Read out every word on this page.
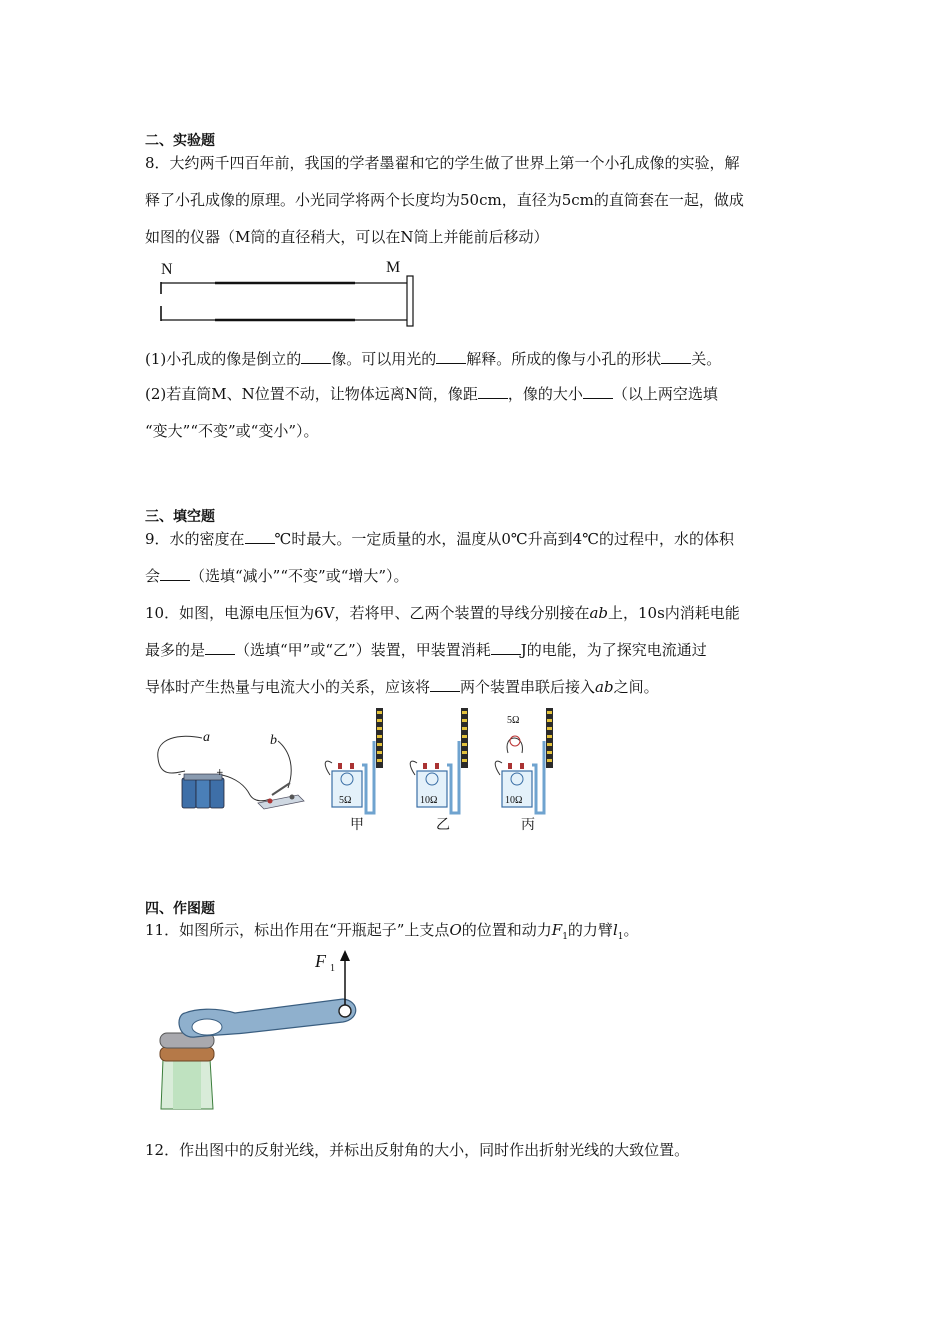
二、实验题
8．大约两千四百年前，我国的学者墨翟和它的学生做了世界上第一个小孔成像的实验，解
释了小孔成像的原理。小光同学将两个长度均为50cm，直径为5cm的直筒套在一起，做成
如图的仪器（M筒的直径稍大，可以在N筒上并能前后移动）
N	M
(1)小孔成的像是倒立的 像。可以用光的 解释。所成的像与小孔的形状 关。
(2)若直筒M、N位置不动，让物体远离N筒，像距 ，像的大小 （以上两空选填
“变大”“不变”或“变小”）。
三、填空题
9．水的密度在 ℃时最大。一定质量的水，温度从0℃升高到4℃的过程中，水的体积
会 （选填“减小”“不变”或“增大”）。
10．如图，电源电压恒为6V，若将甲、乙两个装置的导线分别接在ab上，10s内消耗电能
最多的是 （选填“甲”或“乙”）装置，甲装置消耗 J的电能，为了探究电流通过
导体时产生热量与电流大小的关系，应该将 两个装置串联后接入ab之间。
a	b
-	+
5Ω
甲
10Ω
乙
5Ω
10Ω
丙
四、作图题
11．如图所示，标出作用在“开瓶起子”上支点O的位置和动力$F_1$的力臂$l_1$。
F 1
12．作出图中的反射光线，并标出反射角的大小，同时作出折射光线的大致位置。
